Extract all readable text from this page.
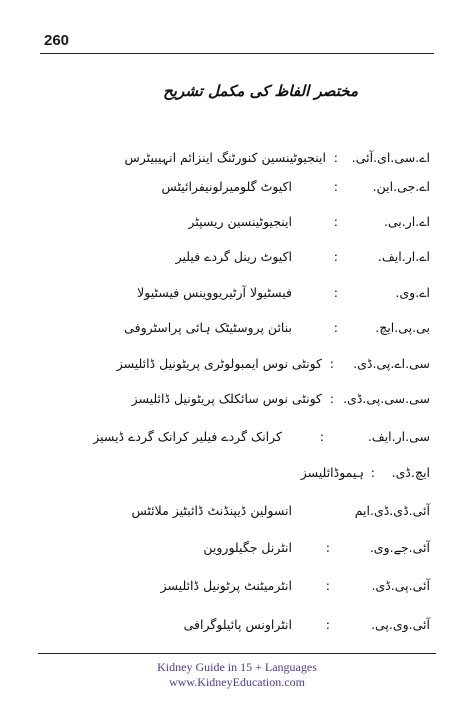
260
مختصر الفاظ کی مکمل تشریح
اے.سی.ای.آئی.
:
اینجیوٹینسین کنورٹنگ اینزائم انہیبیٹرس
اے.جی.این.
:
اکیوٹ گلومیرلونیفرائیٹس
اے.ار.بی.
:
اینجیوٹینسین ریسپٹر
اے.ار.ایف.
:
اکیوٹ رینل گردے فیلیر
اے.وی.
:
فیسٹیولا آرٹیریووینس فیسٹیولا
بی.پی.ایچ.
:
بنائن پروسٹیٹک ہائی پراسٹروفی
سی.اے.پی.ڈی.
:
کونٹی نوس ایمبولوٹری پریٹونیل ڈائلیسز
سی.سی.پی.ڈی.
:
کونٹی نوس سائکلک پریٹونیل ڈائلیسز
سی.ار.ایف.
:
کرانک گردے فیلیر کرانک گردے ڈیسیز
ایچ.ڈی.
:
ہیموڈائلیسز
آئی.ڈی.ڈی.ایم
انسولین ڈیپنڈنٹ ڈائبٹیز ملائٹس
آئی.جے.وی.
:
انٹرنل جگیلوروین
آئی.پی.ڈی.
:
انٹرمیٹنٹ پرٹونیل ڈائلیسز
آئی.وی.پی.
:
انٹراونس پائیلوگرافی
Kidney Guide in 15 + Languages
www.KidneyEducation.com
